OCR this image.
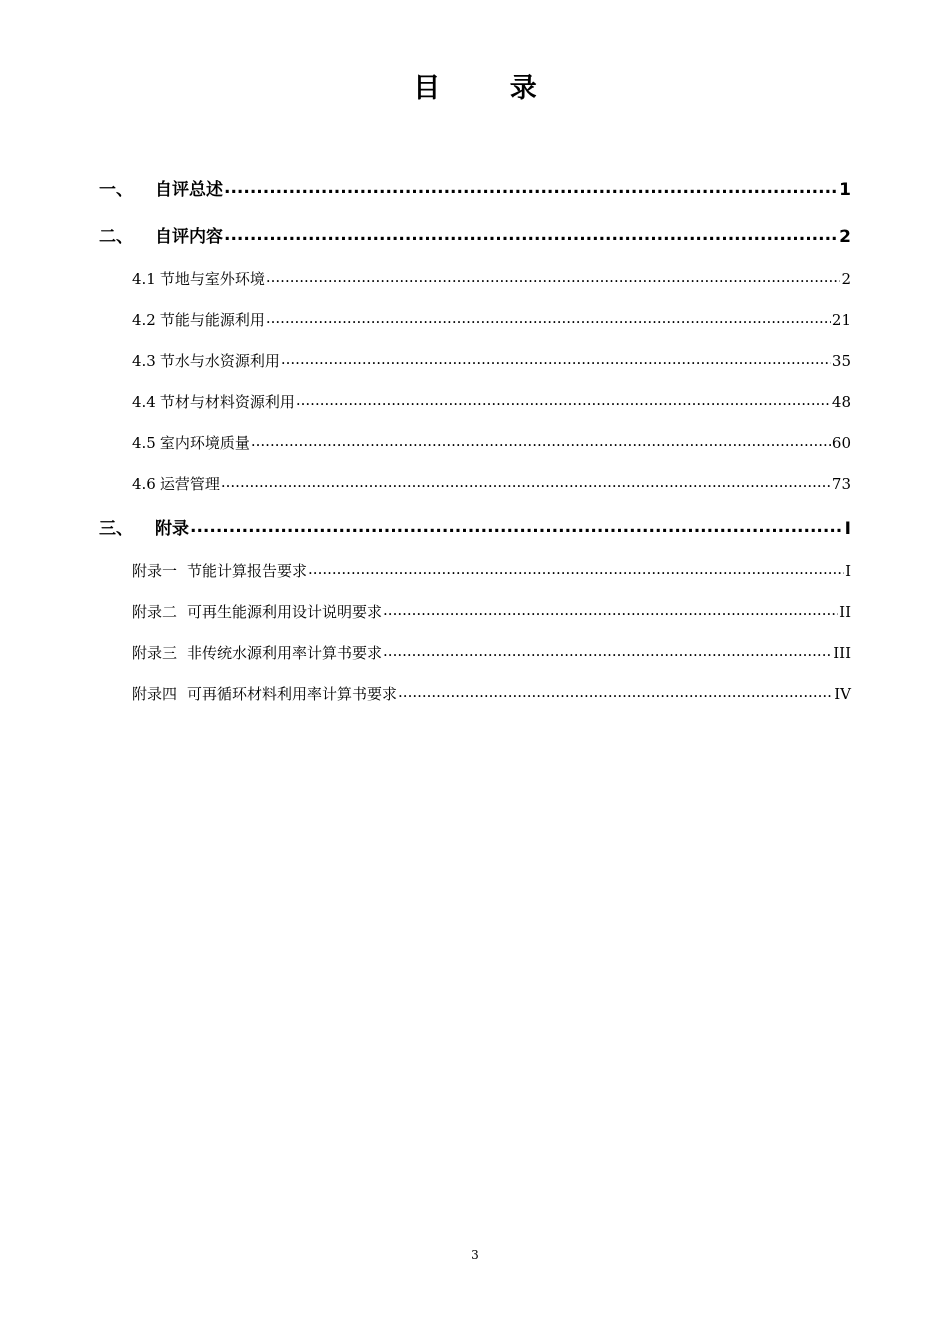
目 录
一、	自评总述 .....	1
二、	自评内容 .....	2
4.1 节地与室外环境 .....	2
4.2 节能与能源利用 .....	21
4.3 节水与水资源利用 .....	35
4.4 节材与材料资源利用 .....	48
4.5 室内环境质量 .....	60
4.6 运营管理 .....	73
三、	附录 .....	I
附录一 节能计算报告要求 .....	I
附录二 可再生能源利用设计说明要求 .....	II
附录三 非传统水源利用率计算书要求 .....	III
附录四 可再循环材料利用率计算书要求 .....	IV
3
